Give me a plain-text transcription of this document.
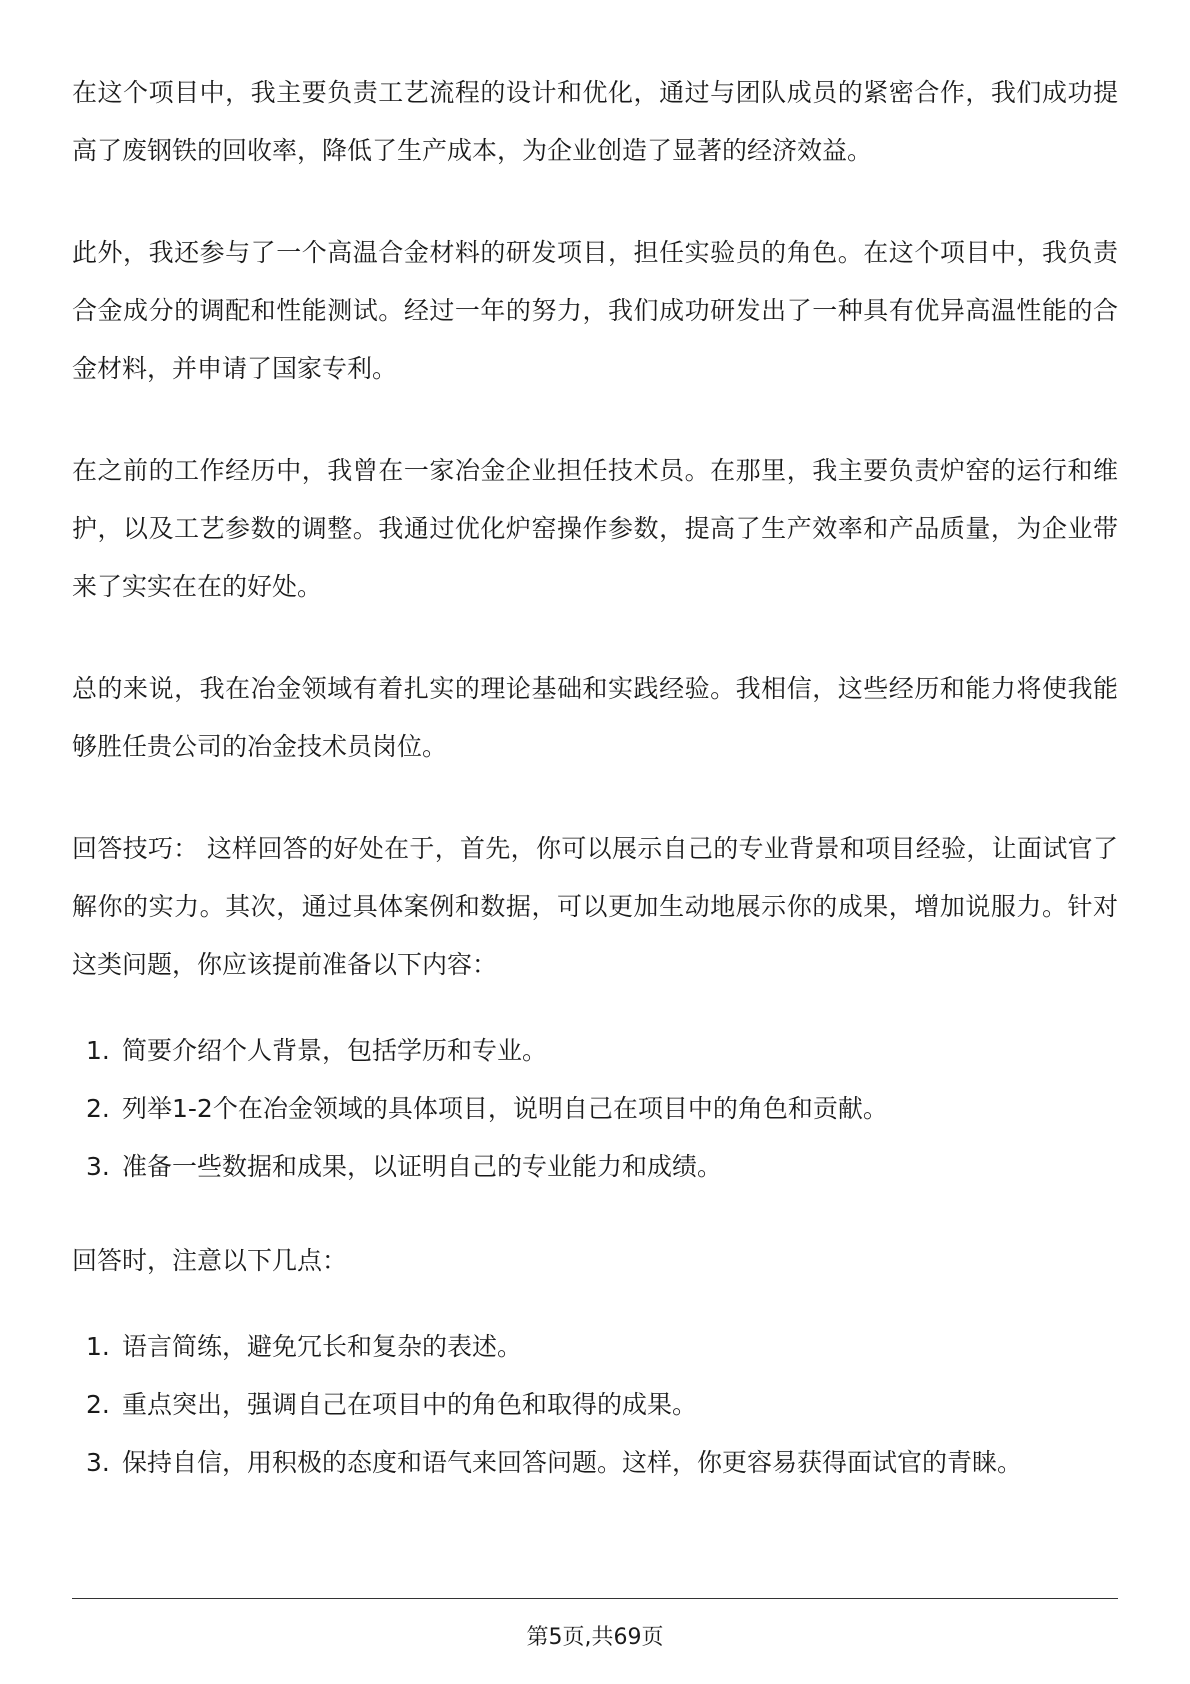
在这个项目中，我主要负责工艺流程的设计和优化，通过与团队成员的紧密合作，我们成功提高了废钢铁的回收率，降低了生产成本，为企业创造了显著的经济效益。

此外，我还参与了一个高温合金材料的研发项目，担任实验员的角色。在这个项目中，我负责合金成分的调配和性能测试。经过一年的努力，我们成功研发出了一种具有优异高温性能的合金材料，并申请了国家专利。

在之前的工作经历中，我曾在一家冶金企业担任技术员。在那里，我主要负责炉窑的运行和维护，以及工艺参数的调整。我通过优化炉窑操作参数，提高了生产效率和产品质量，为企业带来了实实在在的好处。

总的来说，我在冶金领域有着扎实的理论基础和实践经验。我相信，这些经历和能力将使我能够胜任贵公司的冶金技术员岗位。

回答技巧： 这样回答的好处在于，首先，你可以展示自己的专业背景和项目经验，让面试官了解你的实力。其次，通过具体案例和数据，可以更加生动地展示你的成果，增加说服力。针对这类问题，你应该提前准备以下内容：

1. 简要介绍个人背景，包括学历和专业。
2. 列举1-2个在冶金领域的具体项目，说明自己在项目中的角色和贡献。
3. 准备一些数据和成果，以证明自己的专业能力和成绩。

回答时，注意以下几点：

1. 语言简练，避免冗长和复杂的表述。
2. 重点突出，强调自己在项目中的角色和取得的成果。
3. 保持自信，用积极的态度和语气来回答问题。这样，你更容易获得面试官的青睐。
第5页,共69页
